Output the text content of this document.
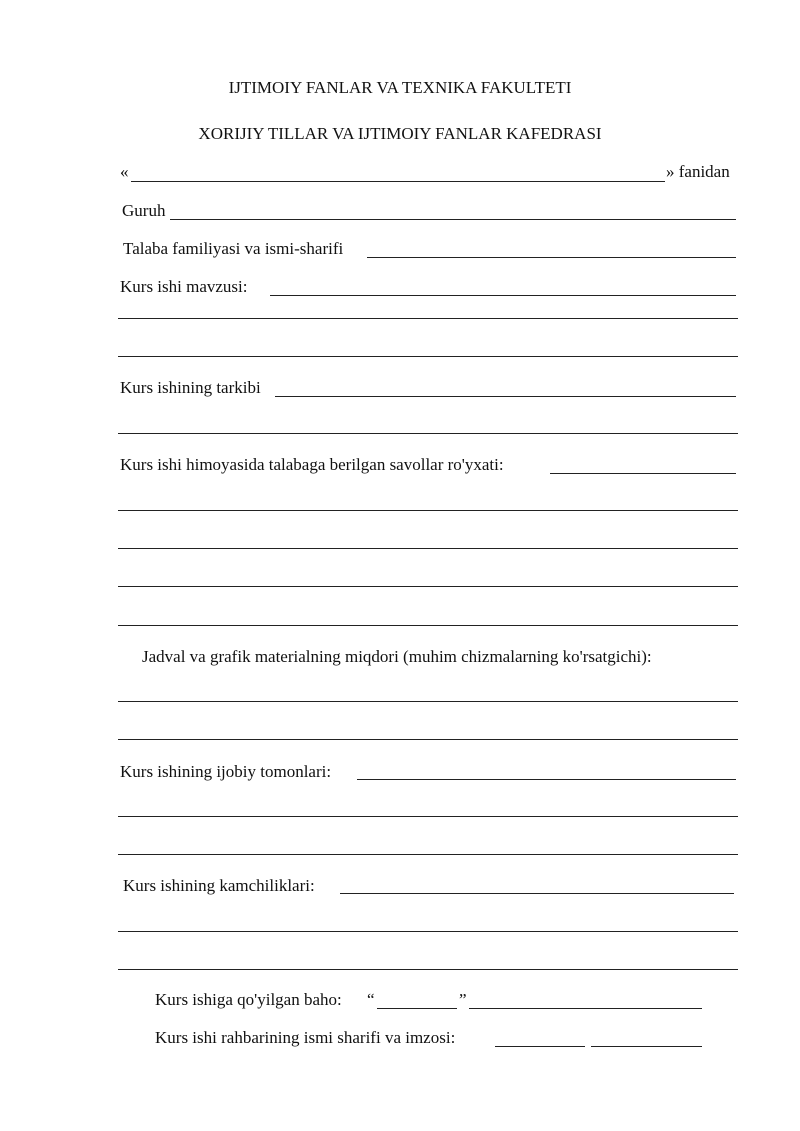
IJTIMOIY FANLAR VA TEXNIKA FAKULTETI
XORIJIY TILLAR VA IJTIMOIY FANLAR KAFEDRASI
«	» fanidan
Guruh
Talaba familiyasi va ismi-sharifi
Kurs ishi mavzusi:
Kurs ishining tarkibi
Kurs ishi himoyasida talabaga berilgan savollar ro'yxati:
Jadval va grafik materialning miqdori (muhim chizmalarning ko'rsatgichi):
Kurs ishining ijobiy tomonlari:
Kurs ishining kamchiliklari:
Kurs ishiga qo'yilgan baho: “	”
Kurs ishi rahbarining ismi sharifi va imzosi:
